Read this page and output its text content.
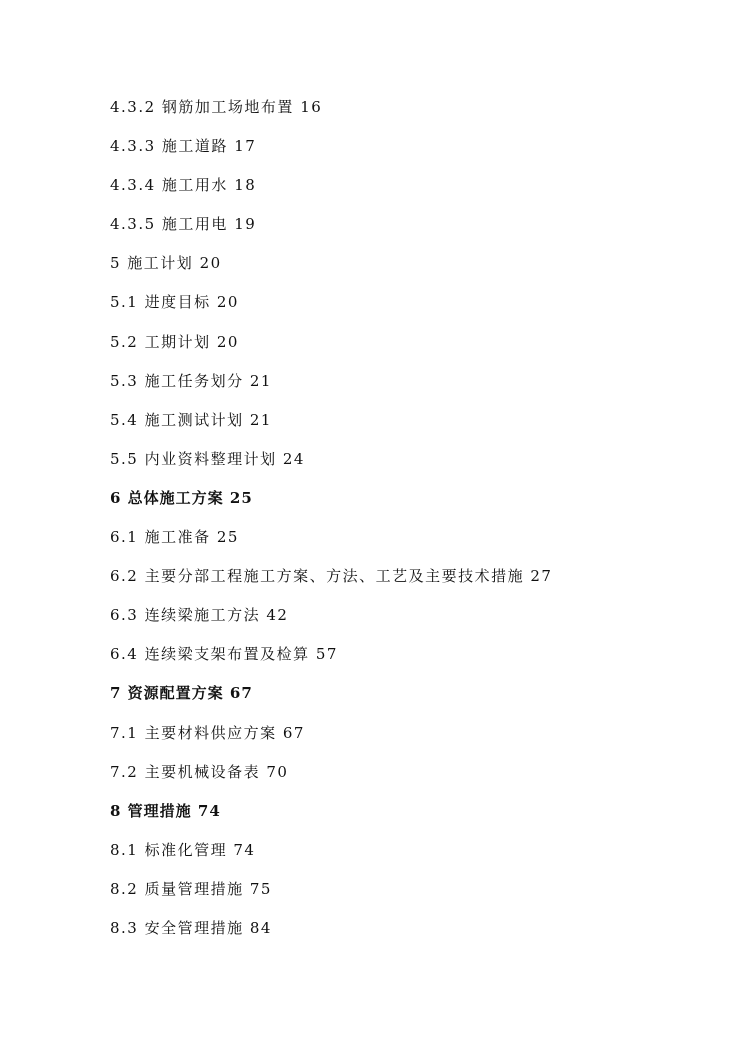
4.3.2 钢筋加工场地布置 16
4.3.3 施工道路 17
4.3.4 施工用水 18
4.3.5 施工用电 19
5 施工计划 20
5.1 进度目标 20
5.2 工期计划 20
5.3 施工任务划分 21
5.4 施工测试计划 21
5.5 内业资料整理计划 24
6 总体施工方案 25
6.1 施工准备 25
6.2 主要分部工程施工方案、方法、工艺及主要技术措施 27
6.3 连续梁施工方法 42
6.4 连续梁支架布置及检算 57
7 资源配置方案 67
7.1 主要材料供应方案 67
7.2 主要机械设备表 70
8 管理措施 74
8.1 标准化管理 74
8.2 质量管理措施 75
8.3 安全管理措施 84
